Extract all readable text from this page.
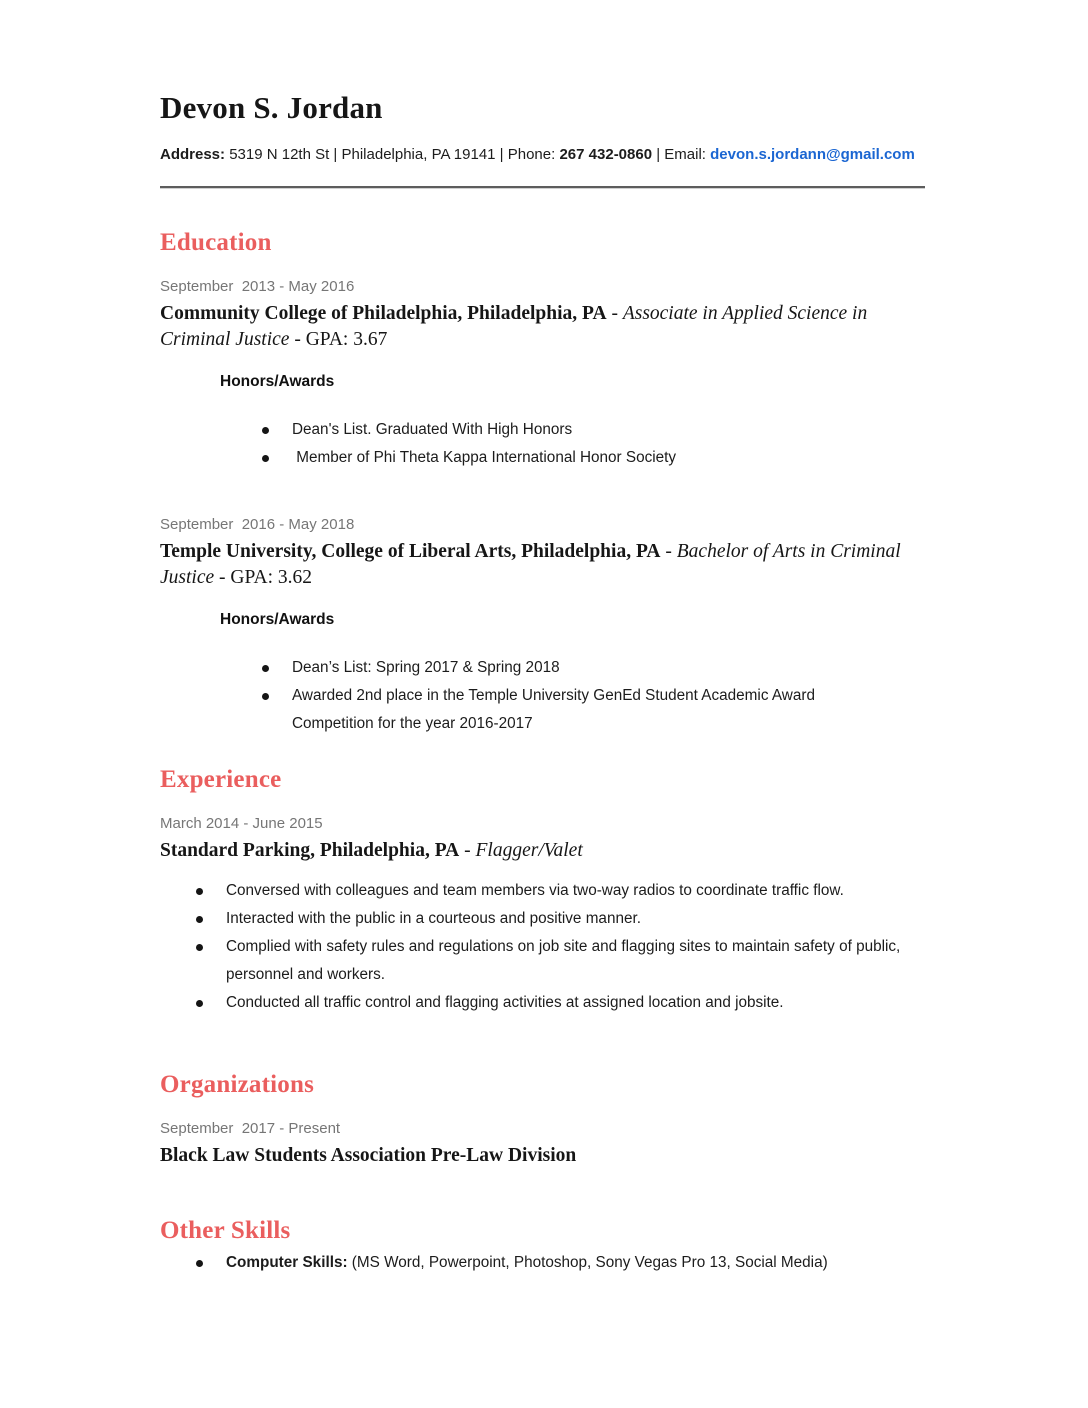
Devon S. Jordan
Address: 5319 N 12th St | Philadelphia, PA 19141 | Phone: 267 432-0860 | Email: devon.s.jordann@gmail.com
Education
September  2013 - May 2016
Community College of Philadelphia, Philadelphia, PA - Associate in Applied Science in Criminal Justice - GPA: 3.67
Honors/Awards
Dean's List. Graduated With High Honors
Member of Phi Theta Kappa International Honor Society
September  2016 - May 2018
Temple University, College of Liberal Arts, Philadelphia, PA - Bachelor of Arts in Criminal Justice - GPA: 3.62
Honors/Awards
Dean’s List: Spring 2017 & Spring 2018
Awarded 2nd place in the Temple University GenEd Student Academic Award Competition for the year 2016-2017
Experience
March 2014 - June 2015
Standard Parking, Philadelphia, PA - Flagger/Valet
Conversed with colleagues and team members via two-way radios to coordinate traffic flow.
Interacted with the public in a courteous and positive manner.
Complied with safety rules and regulations on job site and flagging sites to maintain safety of public, personnel and workers.
Conducted all traffic control and flagging activities at assigned location and jobsite.
Organizations
September  2017 - Present
Black Law Students Association Pre-Law Division
Other Skills
Computer Skills: (MS Word, Powerpoint, Photoshop, Sony Vegas Pro 13, Social Media)
